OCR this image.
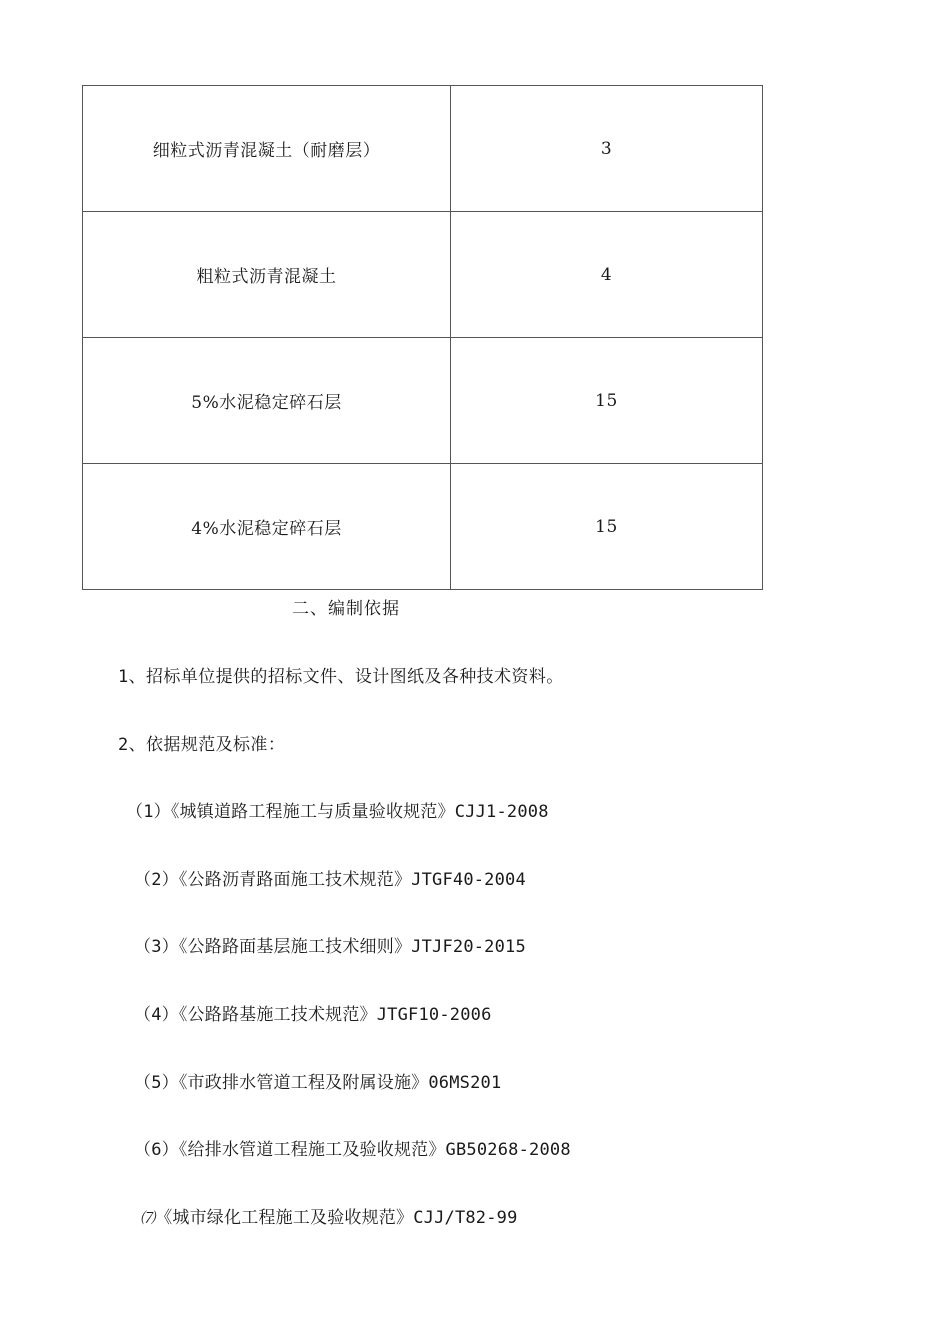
细粒式沥青混凝土（耐磨层）	3
粗粒式沥青混凝土	4
5%水泥稳定碎石层	15
4%水泥稳定碎石层	15
二、编制依据
1、招标单位提供的招标文件、设计图纸及各种技术资料。
2、依据规范及标准：
（1）《城镇道路工程施工与质量验收规范》CJJ1-2008
（2）《公路沥青路面施工技术规范》JTGF40-2004
（3）《公路路面基层施工技术细则》JTJF20-2015
（4）《公路路基施工技术规范》JTGF10-2006
（5）《市政排水管道工程及附属设施》06MS201
（6）《给排水管道工程施工及验收规范》GB50268-2008
⑺《城市绿化工程施工及验收规范》CJJ/T82-99
